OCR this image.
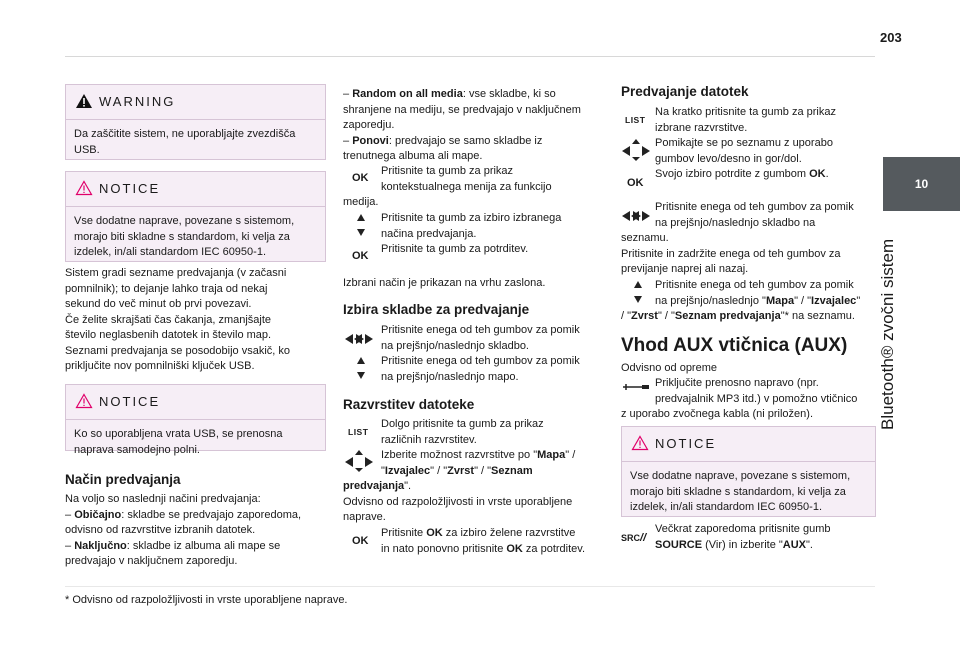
203
10
Bluetooth® zvočni sistem
WARNING
Da zaščitite sistem, ne uporabljajte zvezdišča USB.
NOTICE
Vse dodatne naprave, povezane s sistemom, morajo biti skladne s standardom, ki velja za izdelek, in/ali standardom IEC 60950-1.
Sistem gradi sezname predvajanja (v začasni
pomnilnik); to dejanje lahko traja od nekaj
sekund do več minut ob prvi povezavi.
Če želite skrajšati čas čakanja, zmanjšajte
število neglasbenih datotek in število map.
Seznami predvajanja se posodobijo vsakič, ko
priključite nov pomnilniški ključek USB.
NOTICE
Ko so uporabljena vrata USB, se prenosna naprava samodejno polni.
Način predvajanja
Na voljo so naslednji načini predvajanja:
– Običajno: skladbe se predvajajo zaporedoma,
odvisno od razvrstitve izbranih datotek.
– Naključno: skladbe iz albuma ali mape se
predvajajo v naključnem zaporedju.
* Odvisno od razpoložljivosti in vrste uporabljene naprave.
– Random on all media: vse skladbe, ki so
shranjene na mediju, se predvajajo v naključnem
zaporedju.
– Ponovi: predvajajo se samo skladbe iz
trenutnega albuma ali mape.
OK
Pritisnite ta gumb za prikaz
kontekstualnega menija za funkcijo
medija.
Pritisnite ta gumb za izbiro izbranega
načina predvajanja.
OK
Pritisnite ta gumb za potrditev.
Izbrani način je prikazan na vrhu zaslona.
Izbira skladbe za predvajanje
Pritisnite enega od teh gumbov za pomik
na prejšnjo/naslednjo skladbo.
Pritisnite enega od teh gumbov za pomik
na prejšnjo/naslednjo mapo.
Razvrstitev datoteke
LIST
Dolgo pritisnite ta gumb za prikaz
različnih razvrstitev.
Izberite možnost razvrstitve po "Mapa" /
"Izvajalec" / "Zvrst" / "Seznam
predvajanja".
Odvisno od razpoložljivosti in vrste uporabljene
naprave.
OK
Pritisnite OK za izbiro želene razvrstitve
in nato ponovno pritisnite OK za potrditev.
Predvajanje datotek
LIST
Na kratko pritisnite ta gumb za prikaz
izbrane razvrstitve.
Pomikajte se po seznamu z uporabo
gumbov levo/desno in gor/dol.
OK
Svojo izbiro potrdite z gumbom OK.
Pritisnite enega od teh gumbov za pomik
na prejšnjo/naslednjo skladbo na
seznamu.
Pritisnite in zadržite enega od teh gumbov za
previjanje naprej ali nazaj.
Pritisnite enega od teh gumbov za pomik
na prejšnjo/naslednjo "Mapa" / "Izvajalec"
/ "Zvrst" / "Seznam predvajanja"* na seznamu.
Vhod AUX vtičnica (AUX)
Odvisno od opreme
Priključite prenosno napravo (npr.
predvajalnik MP3 itd.) v pomožno vtičnico
z uporabo zvočnega kabla (ni priložen).
NOTICE
Vse dodatne naprave, povezane s sistemom, morajo biti skladne s standardom, ki velja za izdelek, in/ali standardom IEC 60950-1.
SRC//
Večkrat zaporedoma pritisnite gumb
SOURCE (Vir) in izberite "AUX".
